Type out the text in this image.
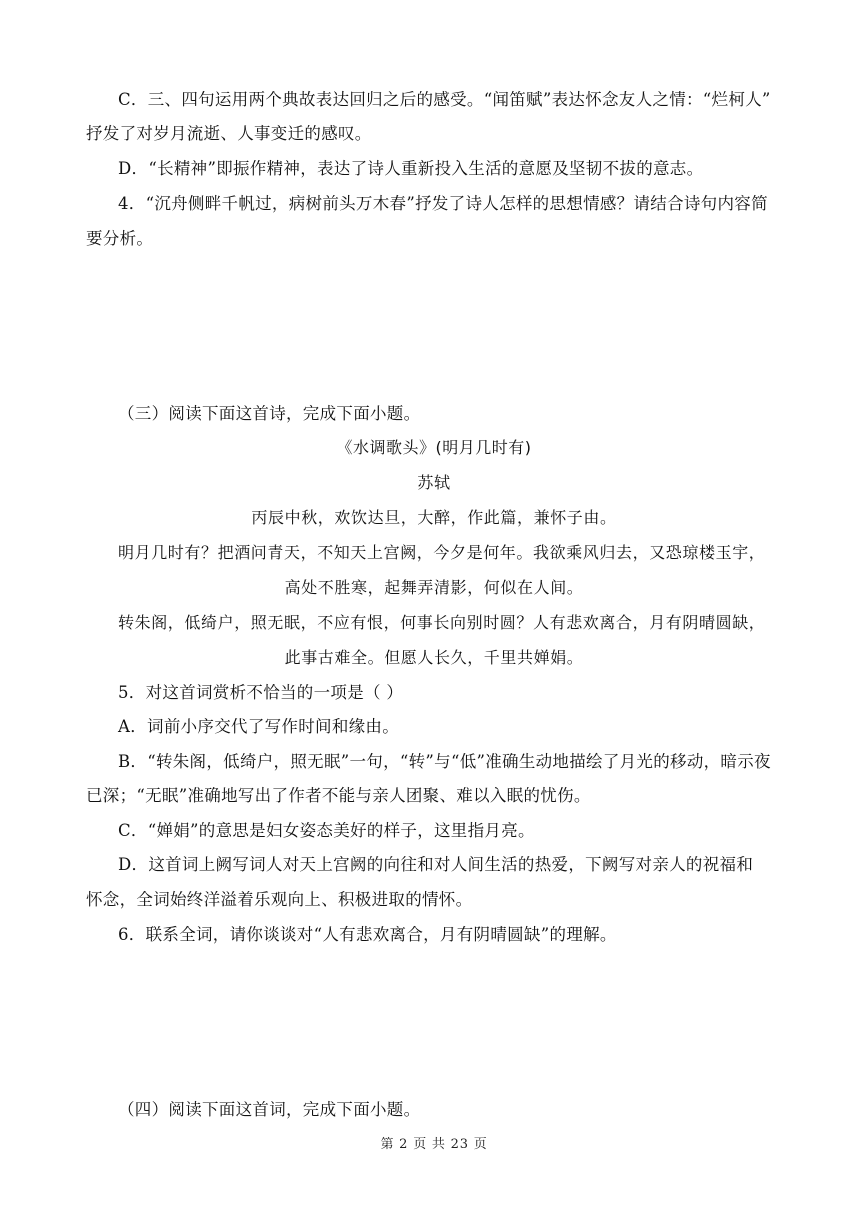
C．三、四句运用两个典故表达回归之后的感受。“闻笛赋”表达怀念友人之情：“烂柯人”
抒发了对岁月流逝、人事变迁的感叹。
D．“长精神”即振作精神，表达了诗人重新投入生活的意愿及坚韧不拔的意志。
4．“沉舟侧畔千帆过，病树前头万木春”抒发了诗人怎样的思想情感？请结合诗句内容简
要分析。
（三）阅读下面这首诗，完成下面小题。
《水调歌头》(明月几时有)
苏轼
丙辰中秋，欢饮达旦，大醉，作此篇，兼怀子由。
明月几时有？把酒问青天，不知天上宫阙，今夕是何年。我欲乘风归去，又恐琼楼玉宇，
高处不胜寒，起舞弄清影，何似在人间。
转朱阁，低绮户，照无眠，不应有恨，何事长向别时圆？人有悲欢离合，月有阴晴圆缺，
此事古难全。但愿人长久，千里共婵娟。
5．对这首词赏析不恰当的一项是（ ）
A．词前小序交代了写作时间和缘由。
B．“转朱阁，低绮户，照无眠”一句，“转”与“低”准确生动地描绘了月光的移动，暗示夜
已深；“无眠”准确地写出了作者不能与亲人团聚、难以入眠的忧伤。
C．“婵娟”的意思是妇女姿态美好的样子，这里指月亮。
D．这首词上阙写词人对天上宫阙的向往和对人间生活的热爱，下阙写对亲人的祝福和
怀念，全词始终洋溢着乐观向上、积极进取的情怀。
6．联系全词，请你谈谈对“人有悲欢离合，月有阴晴圆缺”的理解。
（四）阅读下面这首词，完成下面小题。
第 2 页 共 23 页
